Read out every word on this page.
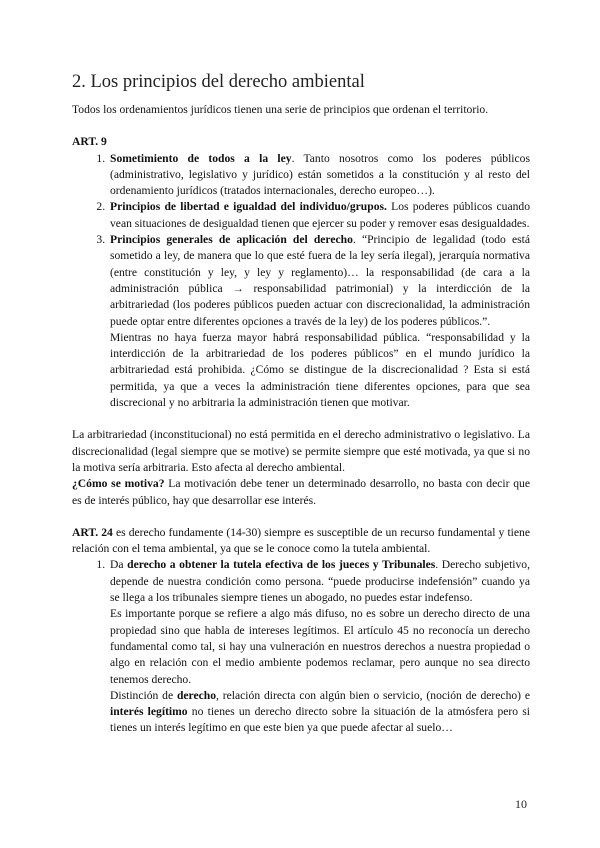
2. Los principios del derecho ambiental

Todos los ordenamientos jurídicos tienen una serie de principios que ordenan el territorio.

ART. 9

1. Sometimiento de todos a la ley. Tanto nosotros como los poderes públicos (administrativo, legislativo y jurídico) están sometidos a la constitución y al resto del ordenamiento jurídicos (tratados internacionales, derecho europeo…).
2. Principios de libertad e igualdad del individuo/grupos. Los poderes públicos cuando vean situaciones de desigualdad tienen que ejercer su poder y remover esas desigualdades.
3. Principios generales de aplicación del derecho. “Principio de legalidad (todo está sometido a ley, de manera que lo que esté fuera de la ley sería ilegal), jerarquía normativa (entre constitución y ley, y ley y reglamento)… la responsabilidad (de cara a la administración pública → responsabilidad patrimonial) y la interdicción de la arbitrariedad (los poderes públicos pueden actuar con discrecionalidad, la administración puede optar entre diferentes opciones a través de la ley) de los poderes públicos.”.

Mientras no haya fuerza mayor habrá responsabilidad pública. “responsabilidad y la interdicción de la arbitrariedad de los poderes públicos” en el mundo jurídico la arbitrariedad está prohibida. ¿Cómo se distingue de la discrecionalidad ? Esta si está permitida, ya que a veces la administración tiene diferentes opciones, para que sea discrecional y no arbitraria la administración tienen que motivar.

La arbitrariedad (inconstitucional) no está permitida en el derecho administrativo o legislativo. La discrecionalidad (legal siempre que se motive) se permite siempre que esté motivada, ya que si no la motiva sería arbitraria. Esto afecta al derecho ambiental.

¿Cómo se motiva? La motivación debe tener un determinado desarrollo, no basta con decir que es de interés público, hay que desarrollar ese interés.

ART. 24 es derecho fundamente (14-30) siempre es susceptible de un recurso fundamental y tiene relación con el tema ambiental, ya que se le conoce como la tutela ambiental.

1. Da derecho a obtener la tutela efectiva de los jueces y Tribunales. Derecho subjetivo, depende de nuestra condición como persona. “puede producirse indefensión” cuando ya se llega a los tribunales siempre tienes un abogado, no puedes estar indefenso.

Es importante porque se refiere a algo más difuso, no es sobre un derecho directo de una propiedad sino que habla de intereses legítimos. El artículo 45 no reconocía un derecho fundamental como tal, si hay una vulneración en nuestros derechos a nuestra propiedad o algo en relación con el medio ambiente podemos reclamar, pero aunque no sea directo tenemos derecho.

Distinción de derecho, relación directa con algún bien o servicio, (noción de derecho) e interés legítimo no tienes un derecho directo sobre la situación de la atmósfera pero si tienes un interés legítimo en que este bien ya que puede afectar al suelo…

10
